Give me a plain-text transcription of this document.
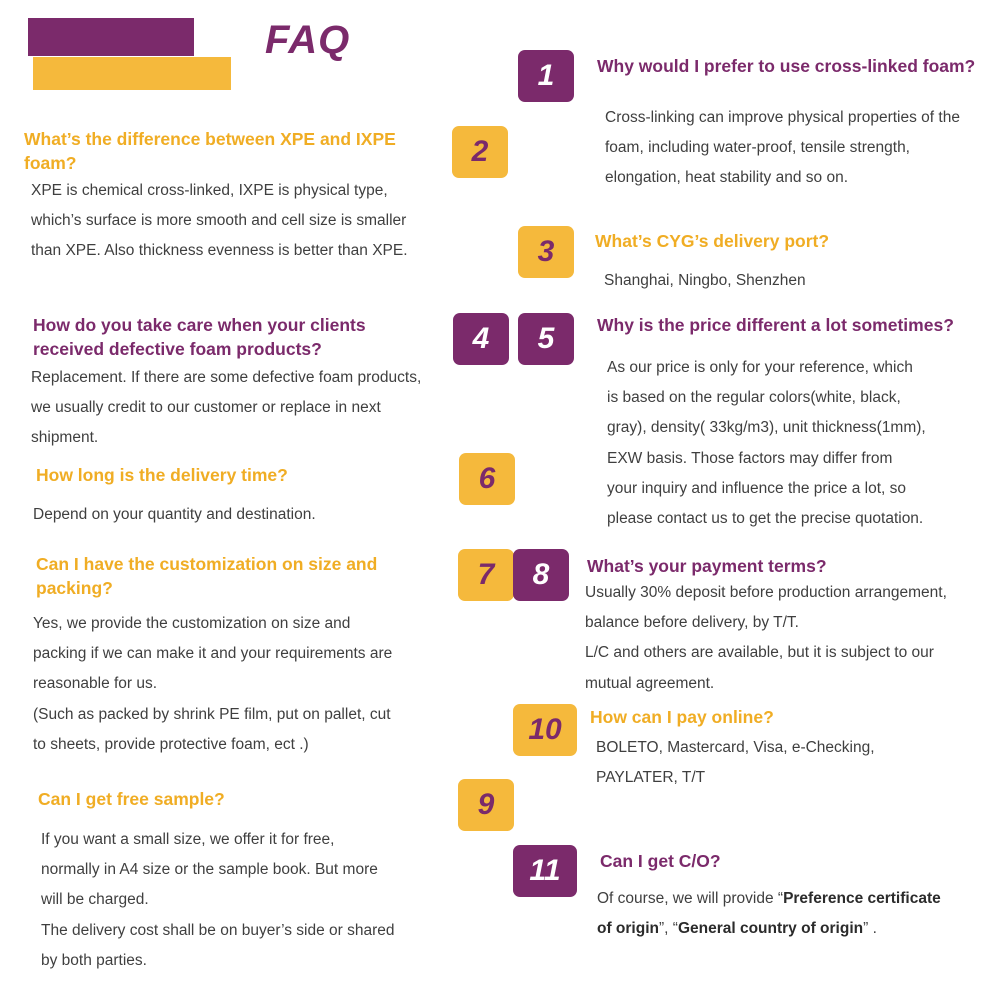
FAQ
1
2
3
4	5
6
7	8
9
10
11
What’s the difference between XPE and IXPE foam?
XPE is chemical cross-linked, IXPE is physical type, which’s surface is more smooth and cell size is smaller than XPE. Also thickness evenness is better than XPE.
How do you take care when your clients received defective foam products?
Replacement. If there are some defective foam products, we usually credit to our customer or replace in next shipment.
How long is the delivery time?
Depend on your quantity and destination.
Can I have the customization on size and packing?
Yes, we provide the customization on size and
packing if we can make it and your requirements are
reasonable for us.
(Such as packed by shrink PE film, put on pallet, cut
to sheets, provide protective foam, ect .)
Can I get free sample?
If you want a small size, we offer it for free,
normally in A4 size or the sample book. But more
will be charged.
The delivery cost shall be on buyer’s side or shared
by both parties.
Why would I prefer to use cross-linked foam?
Cross-linking can improve physical properties of the foam, including water-proof, tensile strength, elongation, heat stability and so on.
What’s CYG’s delivery port?
Shanghai, Ningbo, Shenzhen
Why is the price different a lot sometimes?
As our price is only for your reference, which
is based on the regular colors(white, black,
gray), density( 33kg/m3), unit thickness(1mm),
EXW basis. Those factors may differ from
your inquiry and influence the price a lot, so
please contact us to get the precise quotation.
What’s your payment terms?
Usually 30% deposit before production arrangement,
balance before delivery, by T/T.
L/C and others are available, but it is subject to our
mutual agreement.
How can I pay online?
BOLETO, Mastercard, Visa, e-Checking,
PAYLATER, T/T
Can I get C/O?
Of course, we will provide “Preference certificate
of origin”, “General country of origin” .
